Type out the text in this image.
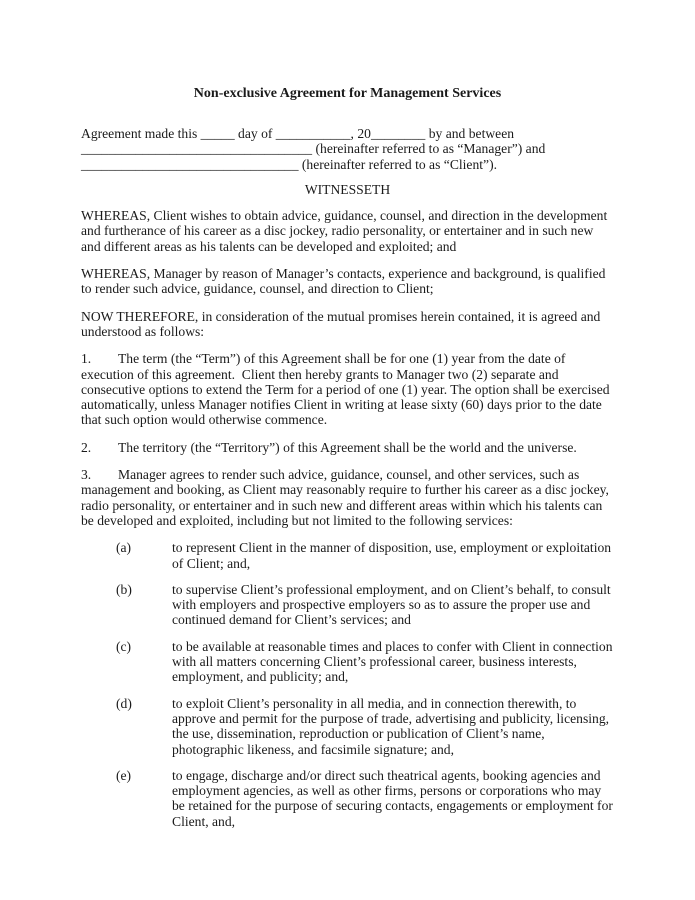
Non-exclusive Agreement for Management Services
Agreement made this _____ day of ___________, 20________ by and between
__________________________________ (hereinafter referred to as “Manager”) and
________________________________ (hereinafter referred to as “Client”).
WITNESSETH

WHEREAS, Client wishes to obtain advice, guidance, counsel, and direction in the development and furtherance of his career as a disc jockey, radio personality, or entertainer and in such new and different areas as his talents can be developed and exploited; and

WHEREAS, Manager by reason of Manager’s contacts, experience and background, is qualified to render such advice, guidance, counsel, and direction to Client;

NOW THEREFORE, in consideration of the mutual promises herein contained, it is agreed and understood as follows:

1. The term (the “Term”) of this Agreement shall be for one (1) year from the date of execution of this agreement.  Client then hereby grants to Manager two (2) separate and consecutive options to extend the Term for a period of one (1) year. The option shall be exercised automatically, unless Manager notifies Client in writing at lease sixty (60) days prior to the date that such option would otherwise commence.

2. The territory (the “Territory”) of this Agreement shall be the world and the universe.

3. Manager agrees to render such advice, guidance, counsel, and other services, such as management and booking, as Client may reasonably require to further his career as a disc jockey, radio personality, or entertainer and in such new and different areas within which his talents can be developed and exploited, including but not limited to the following services:

(a)	to represent Client in the manner of disposition, use, employment or exploitation of Client; and,
(b)	to supervise Client’s professional employment, and on Client’s behalf, to consult with employers and prospective employers so as to assure the proper use and continued demand for Client’s services; and
(c)	to be available at reasonable times and places to confer with Client in connection with all matters concerning Client’s professional career, business interests, employment, and publicity; and,
(d)	to exploit Client’s personality in all media, and in connection therewith, to approve and permit for the purpose of trade, advertising and publicity, licensing, the use, dissemination, reproduction or publication of Client’s name, photographic likeness, and facsimile signature; and,
(e)	to engage, discharge and/or direct such theatrical agents, booking agencies and employment agencies, as well as other firms, persons or corporations who may be retained for the purpose of securing contacts, engagements or employment for Client, and,
